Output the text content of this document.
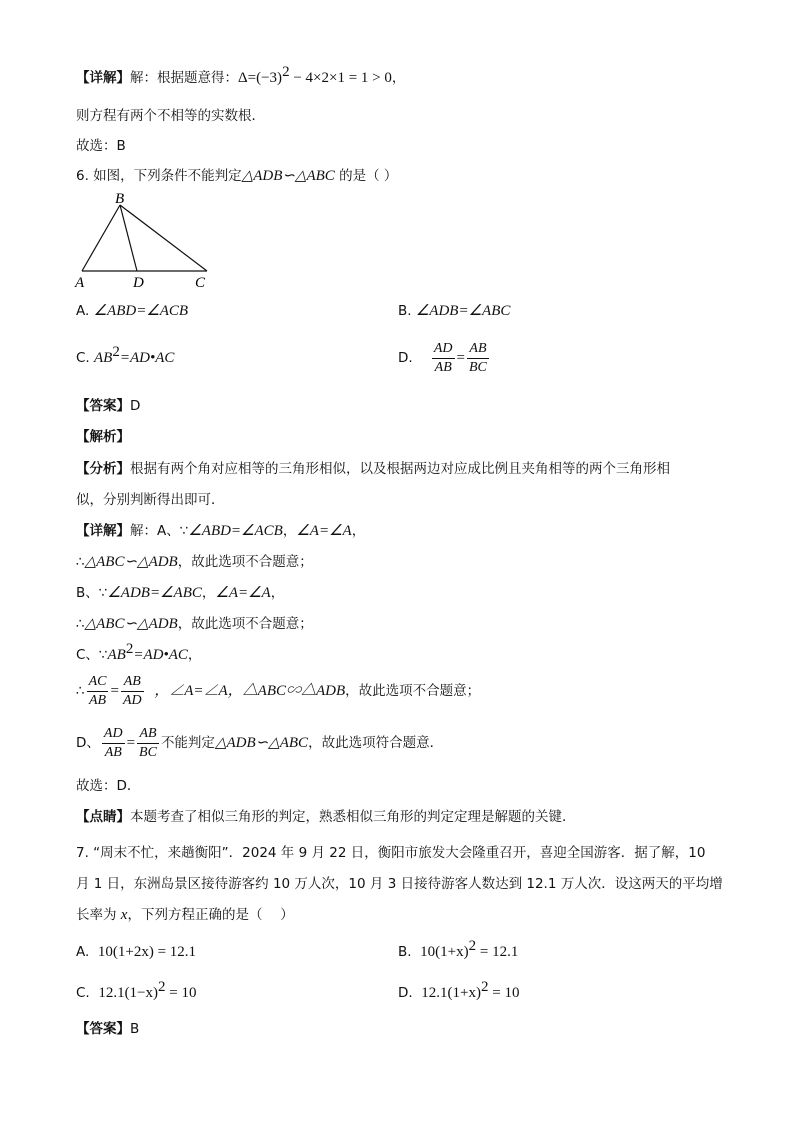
【详解】解：根据题意得：$\Delta=(-3)^2 - 4\times 2\times 1 = 1 > 0$，
则方程有两个不相等的实数根．
故选：B
6. 如图，下列条件不能判定△ADB∽△ABC 的是（ ）
B
A	D	C
A. ∠ABD=∠ACB	B. ∠ADB=∠ABC
C. $AB^2=AD•AC$	D. $\frac{AD}{AB} = \frac{AB}{BC}$
【答案】D
【解析】
【分析】根据有两个角对应相等的三角形相似，以及根据两边对应成比例且夹角相等的两个三角形相
似，分别判断得出即可．
【详解】解：A、∵∠ABD=∠ACB，∠A=∠A，
∴△ABC∽△ADB，故此选项不合题意；
B、∵∠ADB=∠ABC，∠A=∠A，
∴△ABC∽△ADB，故此选项不合题意；
C、$\because AB^2=AD•AC$，
∴ $\frac{AC}{AB} = \frac{AB}{AD}$ ，∠A=∠A，△ABC∽△ADB，故此选项不合题意；
D、 $\frac{AD}{AB} = \frac{AB}{BC}$ 不能判定△ADB∽△ABC，故此选项符合题意．
故选：D．
【点睛】本题考查了相似三角形的判定，熟悉相似三角形的判定定理是解题的关键．
7. “周末不忙，来趟衡阳”．2024 年 9 月 22 日，衡阳市旅发大会隆重召开，喜迎全国游客．据了解，10
月 1 日，东洲岛景区接待游客约 10 万人次，10 月 3 日接待游客人数达到 12.1 万人次．设这两天的平均增
长率为 x，下列方程正确的是（　 ）
A. 10(1+2x) = 12.1	B. $10(1+x)^2 = 12.1$
C. $12.1(1-x)^2 = 10$	D. $12.1(1+x)^2 = 10$
【答案】B
